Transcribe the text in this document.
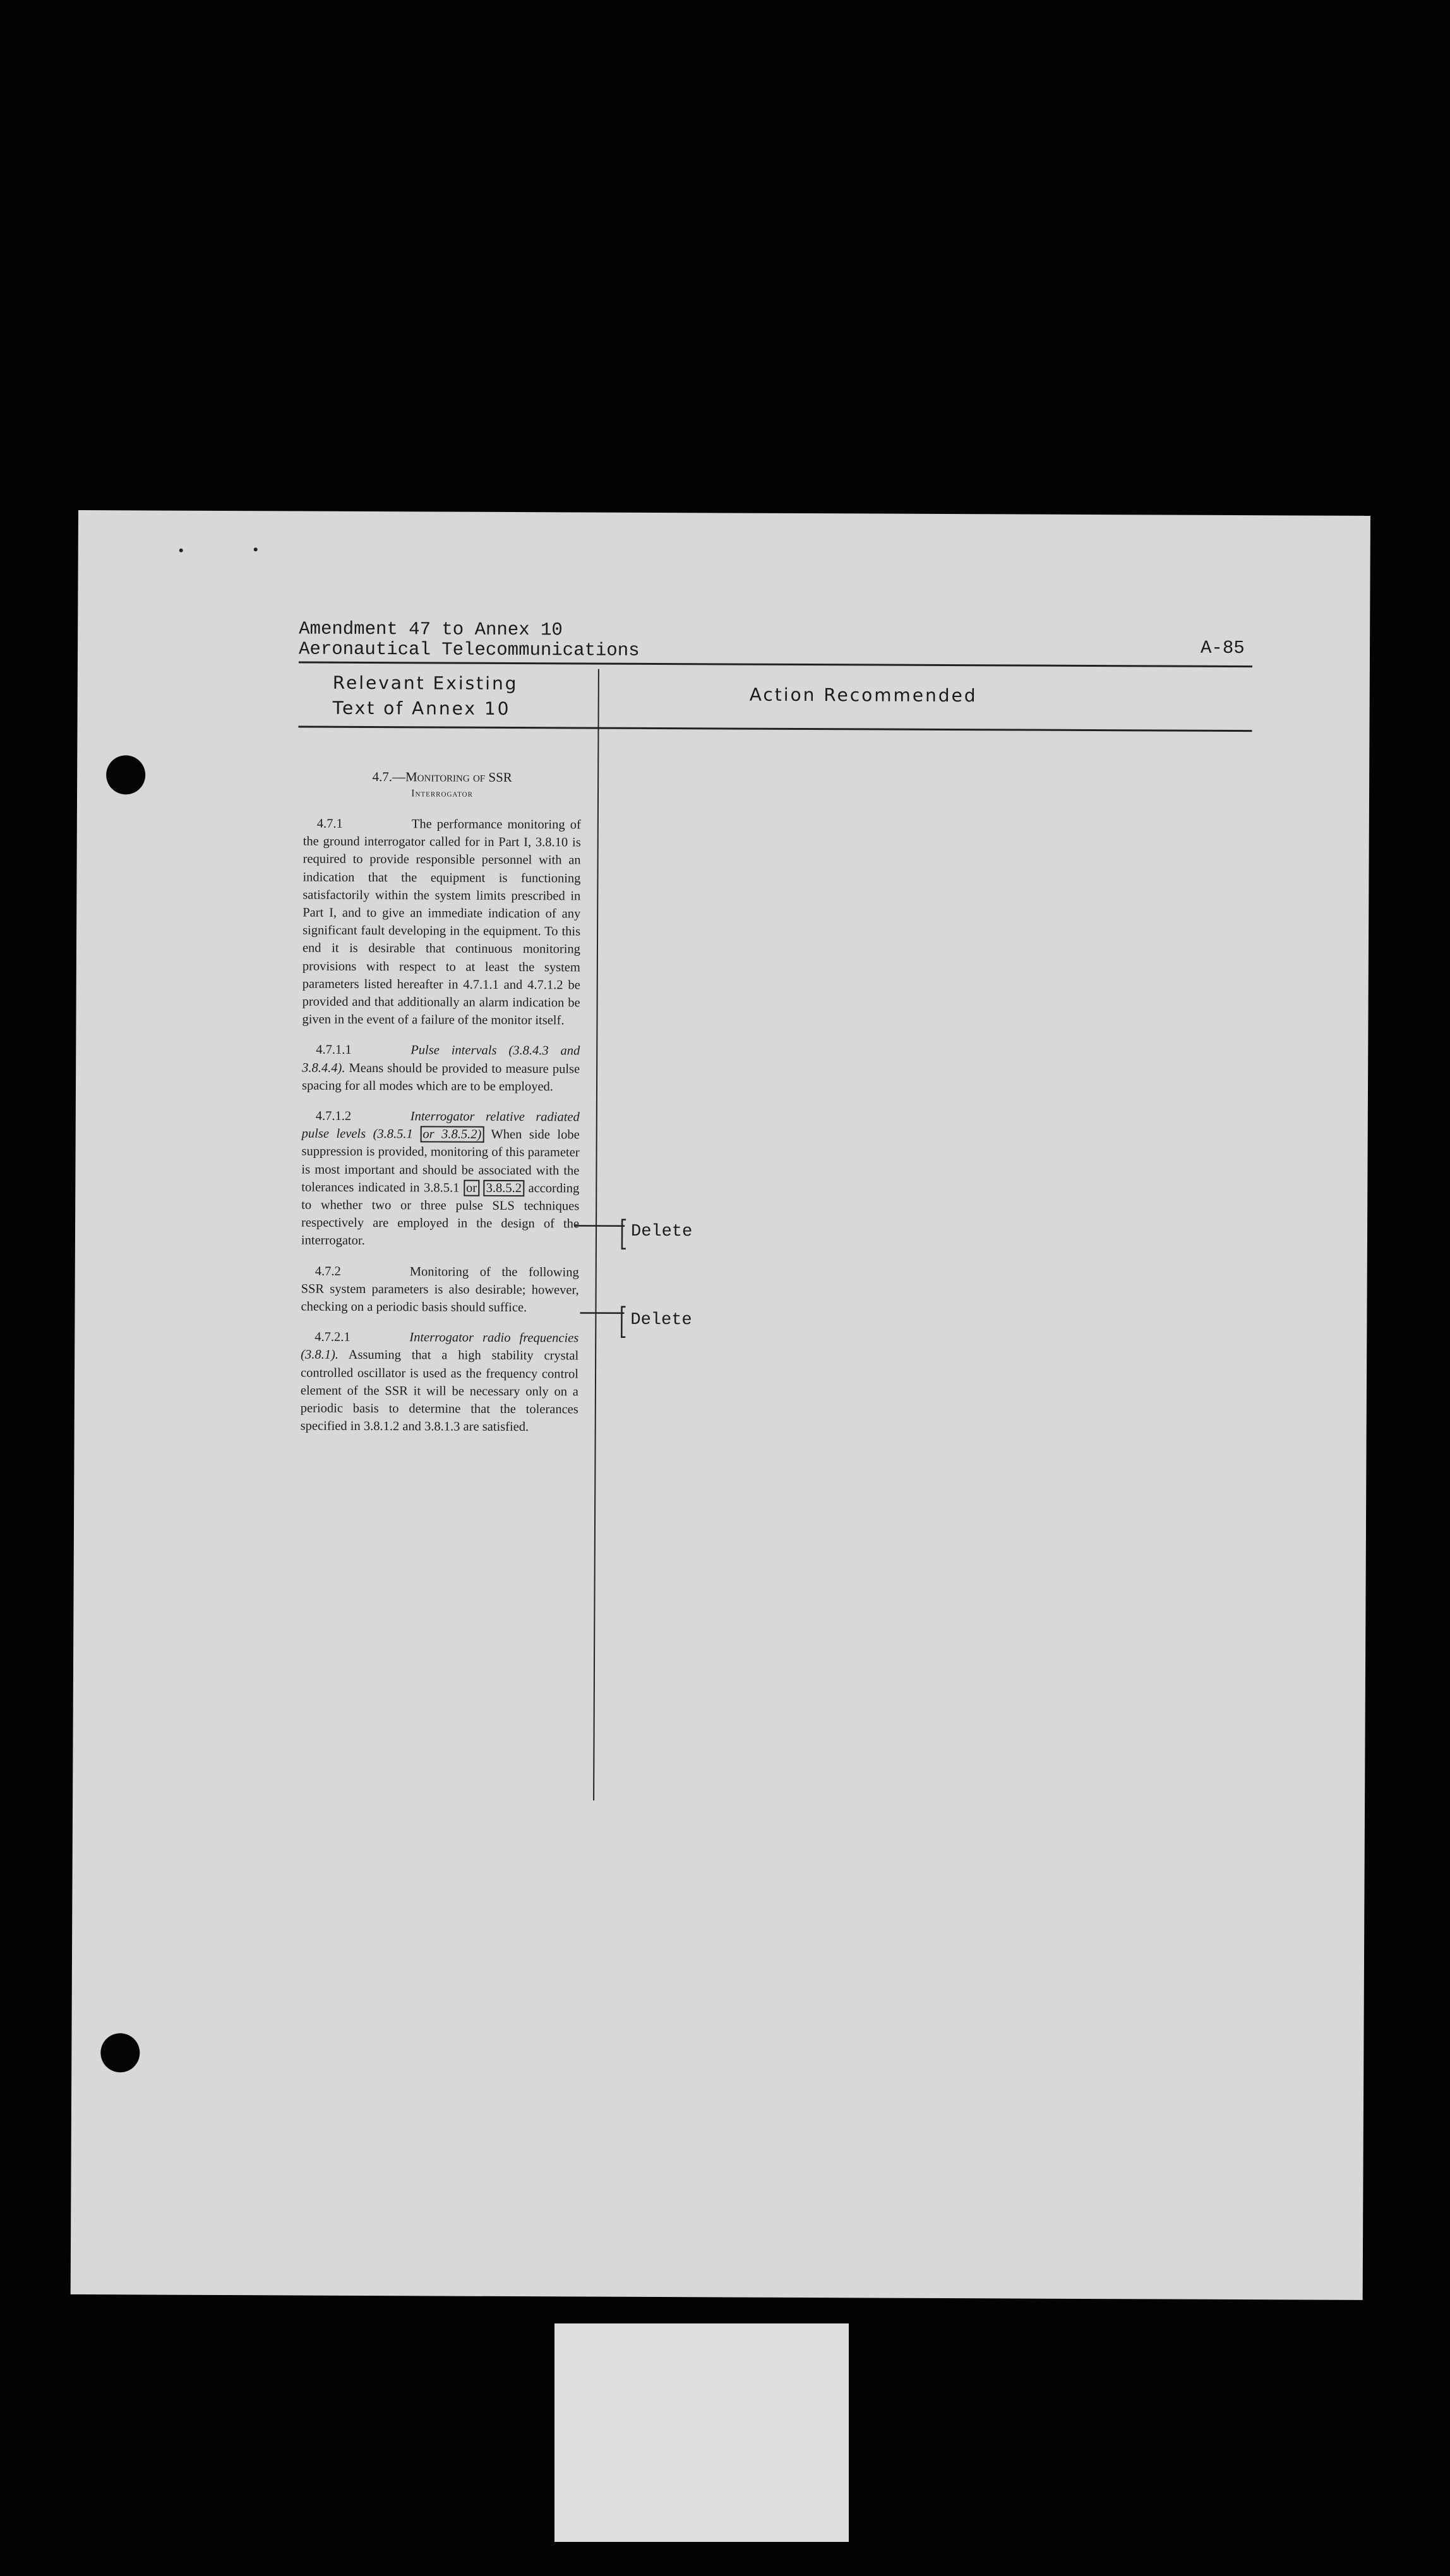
Amendment 47 to Annex 10
Aeronautical Telecommunications	A-85
Relevant Existing
Text of Annex 10
Action Recommended
4.7.—Monitoring of SSR
Interrogator

4.7.1	The performance monitoring of the ground interrogator called for in Part I, 3.8.10 is required to provide responsible personnel with an indication that the equipment is functioning satisfactorily within the system limits prescribed in Part I, and to give an immediate indication of any significant fault developing in the equipment. To this end it is desirable that continuous monitoring provisions with respect to at least the system parameters listed hereafter in 4.7.1.1 and 4.7.1.2 be provided and that additionally an alarm indication be given in the event of a failure of the monitor itself.

4.7.1.1	Pulse intervals (3.8.4.3 and 3.8.4.4). Means should be provided to measure pulse spacing for all modes which are to be employed.

4.7.1.2	Interrogator relative radiated pulse levels (3.8.5.1 or 3.8.5.2) When side lobe suppression is provided, monitoring of this parameter is most important and should be associated with the tolerances indicated in 3.8.5.1 or 3.8.5.2 according to whether two or three pulse SLS techniques respectively are employed in the design of the interrogator.

4.7.2	Monitoring of the following SSR system parameters is also desirable; however, checking on a periodic basis should suffice.

4.7.2.1	Interrogator radio frequencies (3.8.1). Assuming that a high stability crystal controlled oscillator is used as the frequency control element of the SSR it will be necessary only on a periodic basis to determine that the tolerances specified in 3.8.1.2 and 3.8.1.3 are satisfied.

Delete
Delete
